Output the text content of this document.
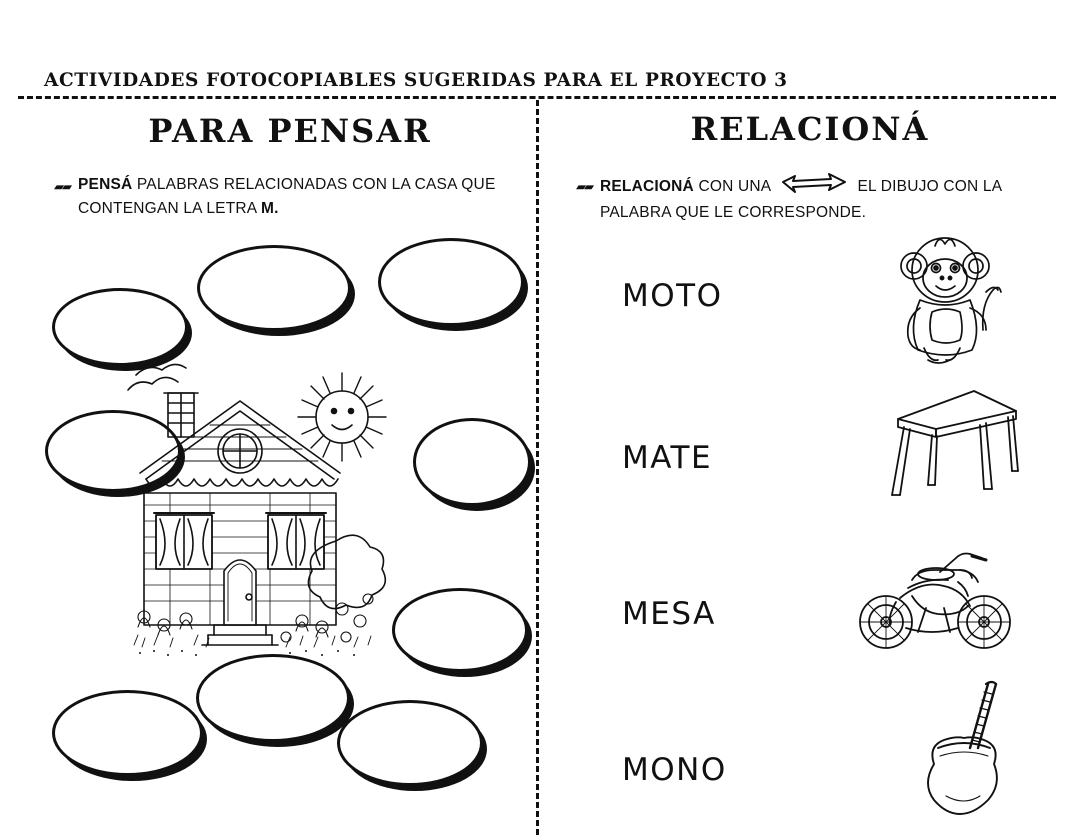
ACTIVIDADES FOTOCOPIABLES SUGERIDAS PARA EL PROYECTO 3
PARA PENSAR
▰▰ PENSÁ PALABRAS RELACIONADAS CON LA CASA QUE CONTENGAN LA LETRA M.
RELACIONÁ
▰▰ RELACIONÁ CON UNA	EL DIBUJO CON LA PALABRA QUE LE CORRESPONDE.
MOTO
MATE
MESA
MONO
